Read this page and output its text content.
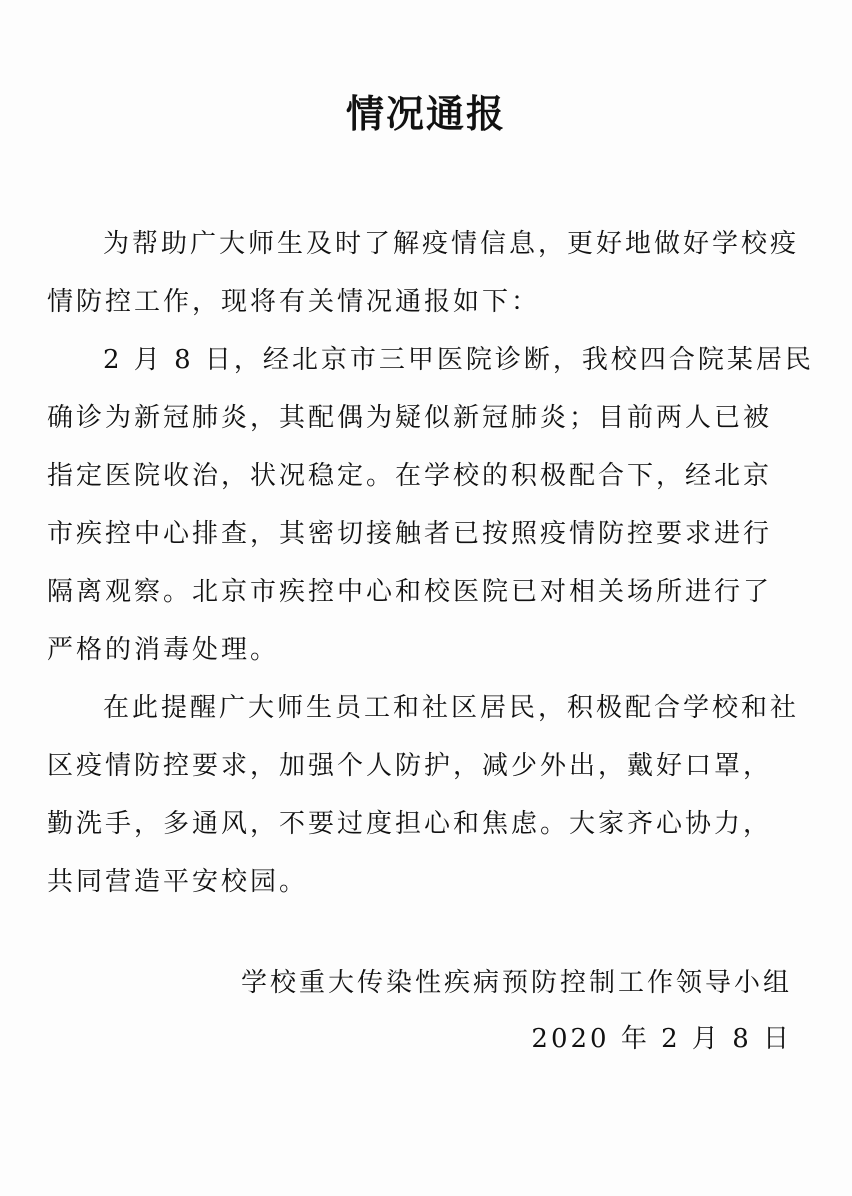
情况通报
为帮助广大师生及时了解疫情信息，更好地做好学校疫
情防控工作，现将有关情况通报如下：
2 月 8 日，经北京市三甲医院诊断，我校四合院某居民
确诊为新冠肺炎，其配偶为疑似新冠肺炎；目前两人已被
指定医院收治，状况稳定。在学校的积极配合下，经北京
市疾控中心排查，其密切接触者已按照疫情防控要求进行
隔离观察。北京市疾控中心和校医院已对相关场所进行了
严格的消毒处理。
在此提醒广大师生员工和社区居民，积极配合学校和社
区疫情防控要求，加强个人防护，减少外出，戴好口罩，
勤洗手，多通风，不要过度担心和焦虑。大家齐心协力，
共同营造平安校园。
学校重大传染性疾病预防控制工作领导小组
2020 年 2 月 8 日
